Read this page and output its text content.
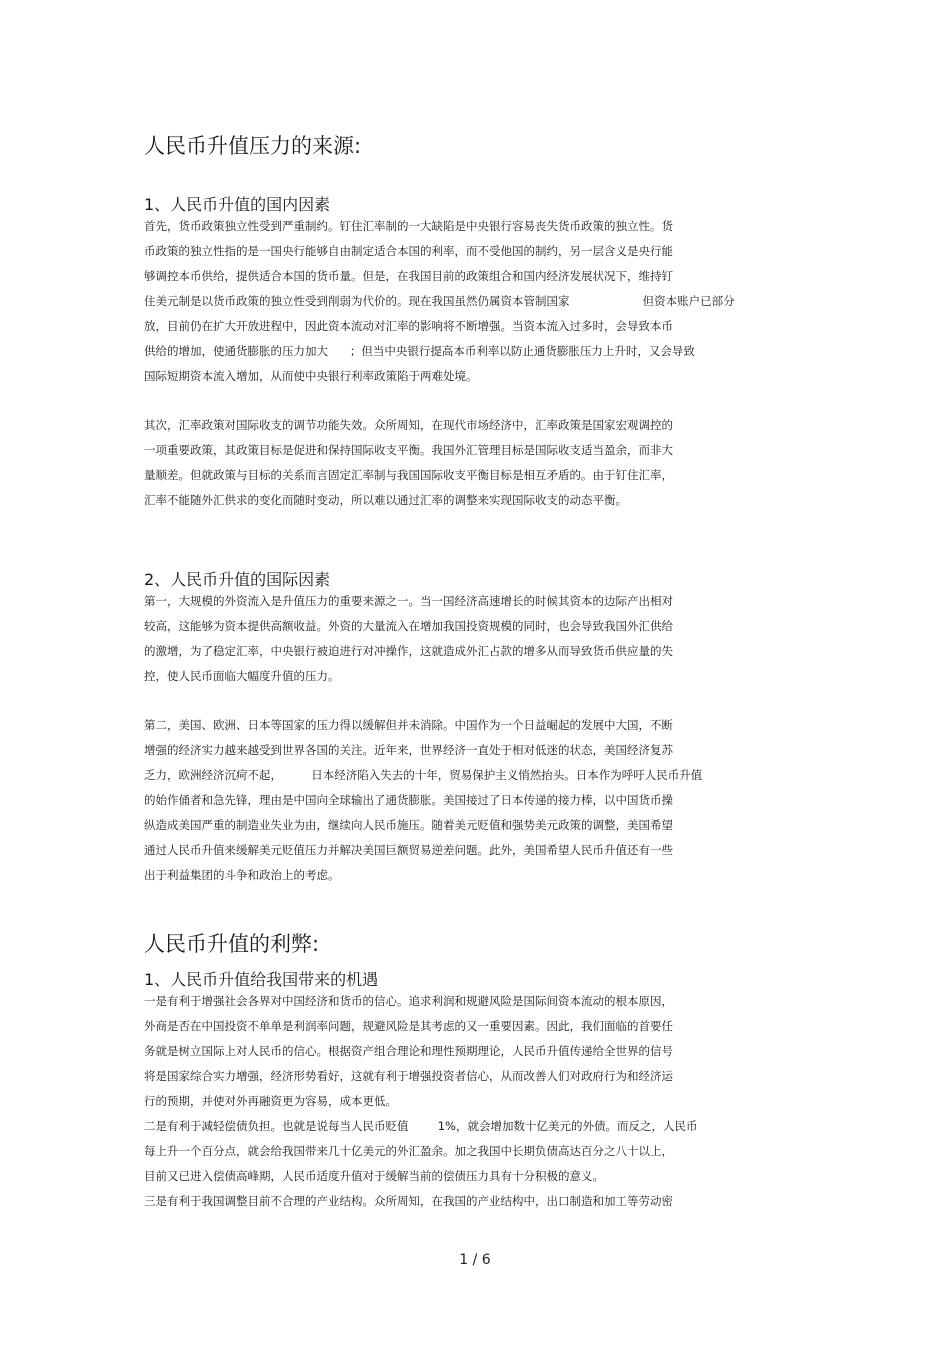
人民币升值压力的来源:
1、人民币升值的国内因素
首先，货币政策独立性受到严重制约。钉住汇率制的一大缺陷是中央银行容易丧失货币政策的独立性。货
币政策的独立性指的是一国央行能够自由制定适合本国的利率，而不受他国的制约，另一层含义是央行能
够调控本币供给，提供适合本国的货币量。但是，在我国目前的政策组合和国内经济发展状况下，维持钉
住美元制是以货币政策的独立性受到削弱为代价的。现在我国虽然仍属资本管制国家                    但资本账户已部分
放，目前仍在扩大开放进程中，因此资本流动对汇率的影响将不断增强。当资本流入过多时，会导致本币
供给的增加，使通货膨胀的压力加大      ；但当中央银行提高本币利率以防止通货膨胀压力上升时，又会导致
国际短期资本流入增加，从而使中央银行利率政策陷于两难处境。
其次，汇率政策对国际收支的调节功能失效。众所周知，在现代市场经济中，汇率政策是国家宏观调控的
一项重要政策，其政策目标是促进和保持国际收支平衡。我国外汇管理目标是国际收支适当盈余，而非大
量顺差。但就政策与目标的关系而言固定汇率制与我国国际收支平衡目标是相互矛盾的。由于钉住汇率，
汇率不能随外汇供求的变化而随时变动，所以难以通过汇率的调整来实现国际收支的动态平衡。
2、人民币升值的国际因素
第一，大规模的外资流入是升值压力的重要来源之一。当一国经济高速增长的时候其资本的边际产出相对
较高，这能够为资本提供高额收益。外资的大量流入在增加我国投资规模的同时，也会导致我国外汇供给
的激增，为了稳定汇率，中央银行被迫进行对冲操作，这就造成外汇占款的增多从而导致货币供应量的失
控，使人民币面临大幅度升值的压力。
第二，美国、欧洲、日本等国家的压力得以缓解但并未消除。中国作为一个日益崛起的发展中大国，不断
增强的经济实力越来越受到世界各国的关注。近年来，世界经济一直处于相对低迷的状态，美国经济复苏
乏力，欧洲经济沉疴不起，        日本经济陷入失去的十年，贸易保护主义悄然抬头。日本作为呼吁人民币升值
的始作俑者和急先锋，理由是中国向全球输出了通货膨胀。美国接过了日本传递的接力棒，以中国货币操
纵造成美国严重的制造业失业为由，继续向人民币施压。随着美元贬值和强势美元政策的调整，美国希望
通过人民币升值来缓解美元贬值压力并解决美国巨额贸易逆差问题。此外，美国希望人民币升值还有一些
出于利益集团的斗争和政治上的考虑。
人民币升值的利弊:
1、人民币升值给我国带来的机遇
一是有利于增强社会各界对中国经济和货币的信心。追求利润和规避风险是国际间资本流动的根本原因，
外商是否在中国投资不单单是利润率问题，规避风险是其考虑的又一重要因素。因此，我们面临的首要任
务就是树立国际上对人民币的信心。根据资产组合理论和理性预期理论，人民币升值传递给全世界的信号
将是国家综合实力增强，经济形势看好，这就有利于增强投资者信心，从而改善人们对政府行为和经济运
行的预期，并使对外再融资更为容易，成本更低。
二是有利于减轻偿债负担。也就是说每当人民币贬值        1%，就会增加数十亿美元的外债。而反之，人民币
每上升一个百分点，就会给我国带来几十亿美元的外汇盈余。加之我国中长期负债高达百分之八十以上，
目前又已进入偿债高峰期，人民币适度升值对于缓解当前的偿债压力具有十分积极的意义。
三是有利于我国调整目前不合理的产业结构。众所周知，在我国的产业结构中，出口制造和加工等劳动密
1 / 6
